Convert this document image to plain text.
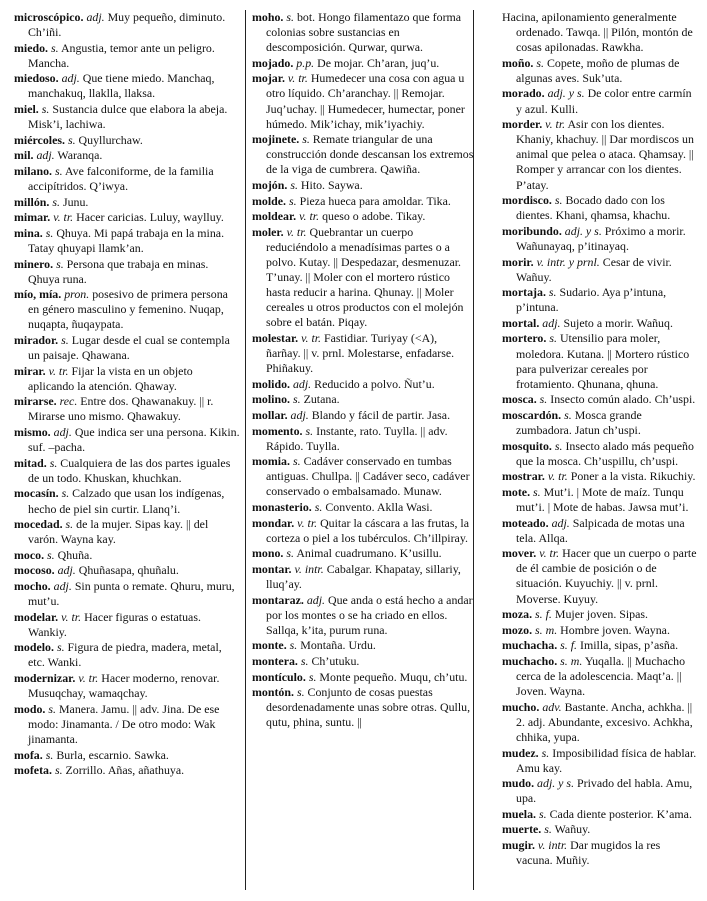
microscópico. adj. Muy pequeño, diminuto. Ch’iñi.

miedo. s. Angustia, temor ante un peligro. Mancha.

miedoso. adj. Que tiene miedo. Manchaq, manchakuq, llaklla, llaksa.

miel. s. Sustancia dulce que elabora la abeja. Misk’i, lachiwa.

miércoles. s. Quyllurchaw.

mil. adj. Waranqa.

milano. s. Ave falconiforme, de la familia accipítridos. Q’iwya.

millón. s. Junu.

mimar. v. tr. Hacer caricias. Luluy, waylluy.

mina. s. Qhuya. Mi papá trabaja en la mina. Tatay qhuyapi llamk’an.

minero. s. Persona que trabaja en minas. Qhuya runa.

mío, mía. pron. posesivo de primera persona en género masculino y femenino. Nuqap, nuqapta, ñuqaypata.

mirador. s. Lugar desde el cual se contempla un paisaje. Qhawana.

mirar. v. tr. Fijar la vista en un objeto aplicando la atención. Qhaway.

mirarse. rec. Entre dos. Qhawanakuy. || r. Mirarse uno mismo. Qhawakuy.

mismo. adj. Que indica ser una persona. Kikin. suf. –pacha.

mitad. s. Cualquiera de las dos partes iguales de un todo. Khuskan, khuchkan.

mocasín. s. Calzado que usan los indígenas, hecho de piel sin curtir. Llanq’i.

mocedad. s. de la mujer. Sipas kay. || del varón. Wayna kay.

moco. s. Qhuña.

mocoso. adj. Qhuñasapa, qhuñalu.

mocho. adj. Sin punta o remate. Qhuru, muru, mut’u.

modelar. v. tr. Hacer figuras o estatuas. Wankiy.

modelo. s. Figura de piedra, madera, metal, etc. Wanki.

modernizar. v. tr. Hacer moderno, renovar. Musuqchay, wamaqchay.

modo. s. Manera. Jamu. || adv. Jina. De ese modo: Jinamanta. / De otro modo: Wak jinamanta.

mofa. s. Burla, escarnio. Sawka.

mofeta. s. Zorrillo. Añas, añathuya.

moho. s. bot. Hongo filamentazo que forma colonias sobre sustancias en descomposición. Qurwar, qurwa.

mojado. p.p. De mojar. Ch’aran, juq’u.

mojar. v. tr. Humedecer una cosa con agua u otro líquido. Ch’aranchay. || Remojar. Juq’uchay. || Humedecer, humectar, poner húmedo. Mik’ichay, mik’iyachiy.

mojinete. s. Remate triangular de una construcción donde descansan los extremos de la viga de cumbrera. Qawiña.

mojón. s. Hito. Saywa.

molde. s. Pieza hueca para amoldar. Tika.

moldear. v. tr. queso o adobe. Tikay.

moler. v. tr. Quebrantar un cuerpo reduciéndolo a menadísimas partes o a polvo. Kutay. || Despedazar, desmenuzar. T’unay. || Moler con el mortero rústico hasta reducir a harina. Qhunay. || Moler cereales u otros productos con el molejón sobre el batán. Piqay.

molestar. v. tr. Fastidiar. Turiyay (<A), ñarñay. || v. prnl. Molestarse, enfadarse. Phiñakuy.

molido. adj. Reducido a polvo. Ñut’u.

molino. s. Zutana.

mollar. adj. Blando y fácil de partir. Jasa.

momento. s. Instante, rato. Tuylla. || adv. Rápido. Tuylla.

momia. s. Cadáver conservado en tumbas antiguas. Chullpa. || Cadáver seco, cadáver conservado o embalsamado. Munaw.

monasterio. s. Convento. Aklla Wasi.

mondar. v. tr. Quitar la cáscara a las frutas, la corteza o piel a los tubérculos. Ch’illpiray.

mono. s. Animal cuadrumano. K’usillu.

montar. v. intr. Cabalgar. Khapatay, sillariy, lluq’ay.

montaraz. adj. Que anda o está hecho a andar por los montes o se ha criado en ellos. Sallqa, k’ita, purum runa.

monte. s. Montaña. Urdu.

montera. s. Ch’utuku.

montículo. s. Monte pequeño. Muqu, ch’utu.

montón. s. Conjunto de cosas puestas desordenadamente unas sobre otras. Qullu, qutu, phina, suntu. ||

Hacina, apilonamiento generalmente ordenado. Tawqa. || Pilón, montón de cosas apilonadas. Rawkha.

moño. s. Copete, moño de plumas de algunas aves. Suk’uta.

morado. adj. y s. De color entre carmín y azul. Kulli.

morder. v. tr. Asir con los dientes. Khaniy, khachuy. || Dar mordiscos un animal que pelea o ataca. Qhamsay. || Romper y arrancar con los dientes. P’atay.

mordisco. s. Bocado dado con los dientes. Khani, qhamsa, khachu.

moribundo. adj. y s. Próximo a morir. Wañunayaq, p’itinayaq.

morir. v. intr. y prnl. Cesar de vivir. Wañuy.

mortaja. s. Sudario. Aya p’intuna, p’intuna.

mortal. adj. Sujeto a morir. Wañuq.

mortero. s. Utensilio para moler, moledora. Kutana. || Mortero rústico para pulverizar cereales por frotamiento. Qhunana, qhuna.

mosca. s. Insecto común alado. Ch’uspi.

moscardón. s. Mosca grande zumbadora. Jatun ch’uspi.

mosquito. s. Insecto alado más pequeño que la mosca. Ch’uspillu, ch’uspi.

mostrar. v. tr. Poner a la vista. Rikuchiy.

mote. s. Mut’i. | Mote de maíz. Tunqu mut’i. | Mote de habas. Jawsa mut’i.

moteado. adj. Salpicada de motas una tela. Allqa.

mover. v. tr. Hacer que un cuerpo o parte de él cambie de posición o de situación. Kuyuchiy. || v. prnl. Moverse. Kuyuy.

moza. s. f. Mujer joven. Sipas.

mozo. s. m. Hombre joven. Wayna.

muchacha. s. f. Imilla, sipas, p’asña.

muchacho. s. m. Yuqalla. || Muchacho cerca de la adolescencia. Maqt’a. || Joven. Wayna.

mucho. adv. Bastante. Ancha, achkha. || 2. adj. Abundante, excesivo. Achkha, chhika, yupa.

mudez. s. Imposibilidad física de hablar. Amu kay.

mudo. adj. y s. Privado del habla. Amu, upa.

muela. s. Cada diente posterior. K’ama.

muerte. s. Wañuy.

mugir. v. intr. Dar mugidos la res vacuna. Muñiy.
